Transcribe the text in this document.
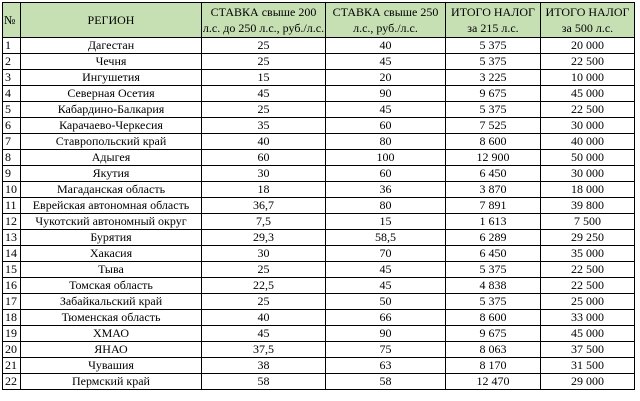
№	РЕГИОН	СТАВКА свыше 200 л.с. до 250 л.с., руб./л.с.	СТАВКА свыше 250 л.с., руб./л.с.	ИТОГО НАЛОГ за 215 л.с.	ИТОГО НАЛОГ за 500 л.с.
1	Дагестан	25	40	5 375	20 000
2	Чечня	25	45	5 375	22 500
3	Ингушетия	15	20	3 225	10 000
4	Северная Осетия	45	90	9 675	45 000
5	Кабардино-Балкария	25	45	5 375	22 500
6	Карачаево-Черкесия	35	60	7 525	30 000
7	Ставропольский край	40	80	8 600	40 000
8	Адыгея	60	100	12 900	50 000
9	Якутия	30	60	6 450	30 000
10	Магаданская область	18	36	3 870	18 000
11	Еврейская автономная область	36,7	80	7 891	39 800
12	Чукотский автономный округ	7,5	15	1 613	7 500
13	Бурятия	29,3	58,5	6 289	29 250
14	Хакасия	30	70	6 450	35 000
15	Тыва	25	45	5 375	22 500
16	Томская область	22,5	45	4 838	22 500
17	Забайкальский край	25	50	5 375	25 000
18	Тюменская область	40	66	8 600	33 000
19	ХМАО	45	90	9 675	45 000
20	ЯНАО	37,5	75	8 063	37 500
21	Чувашия	38	63	8 170	31 500
22	Пермский край	58	58	12 470	29 000
